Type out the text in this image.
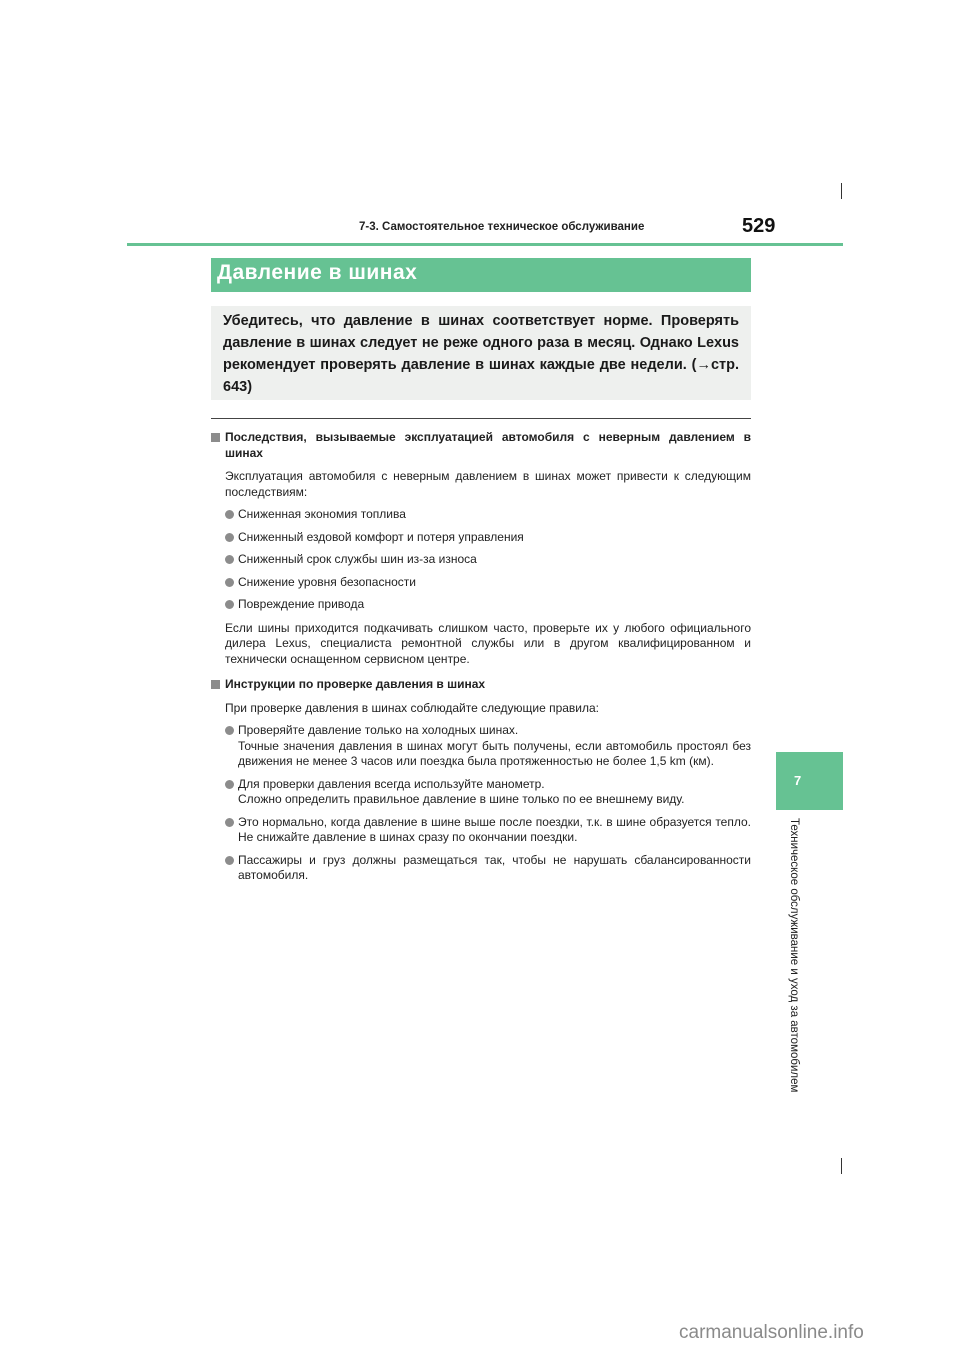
7-3. Самостоятельное техническое обслуживание	529
7
Техническое обслуживание и уход за автомобилем
Давление в шинах
Убедитесь, что давление в шинах соответствует норме. Проверять давление в шинах следует не реже одного раза в месяц. Однако Lexus рекомендует проверять давление в шинах каждые две недели. (→стр. 643)
Последствия, вызываемые эксплуатацией автомобиля с неверным давлением в шинах
Эксплуатация автомобиля с неверным давлением в шинах может привести к следующим последствиям:
Сниженная экономия топлива
Сниженный ездовой комфорт и потеря управления
Сниженный срок службы шин из-за износа
Снижение уровня безопасности
Повреждение привода
Если шины приходится подкачивать слишком часто, проверьте их у любого официального дилера Lexus, специалиста ремонтной службы или в другом квалифицированном и технически оснащенном сервисном центре.
Инструкции по проверке давления в шинах
При проверке давления в шинах соблюдайте следующие правила:
Проверяйте давление только на холодных шинах.
Точные значения давления в шинах могут быть получены, если автомобиль простоял без движения не менее 3 часов или поездка была протяженностью не более 1,5 km (км).
Для проверки давления всегда используйте манометр.
Сложно определить правильное давление в шине только по ее внешнему виду.
Это нормально, когда давление в шине выше после поездки, т.к. в шине образуется тепло. Не снижайте давление в шинах сразу по окончании поездки.
Пассажиры и груз должны размещаться так, чтобы не нарушать сбалансированности автомобиля.
carmanualsonline.info
